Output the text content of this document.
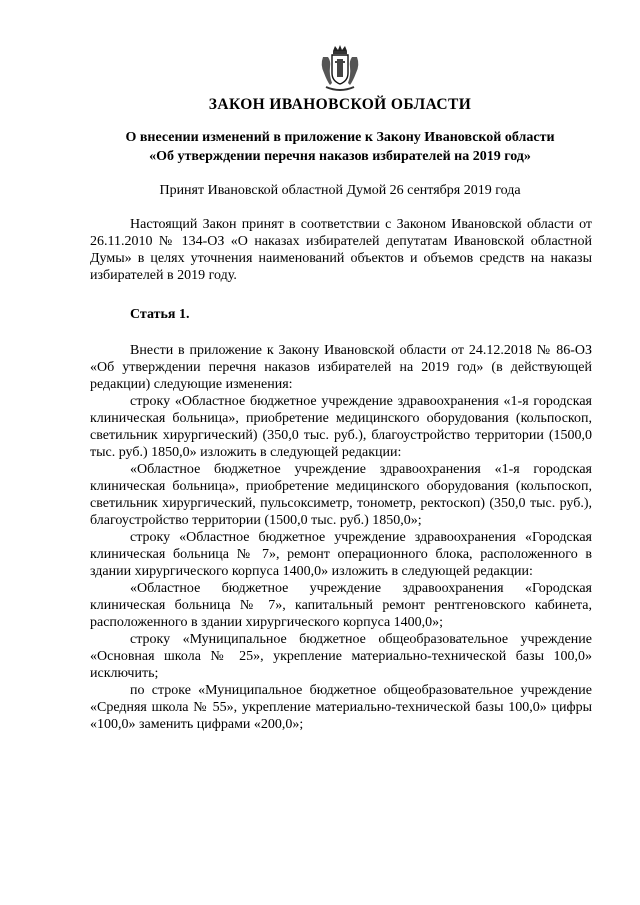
ЗАКОН ИВАНОВСКОЙ ОБЛАСТИ
О внесении изменений в приложение к Закону Ивановской области
«Об утверждении перечня наказов избирателей на 2019 год»
Принят Ивановской областной Думой 26 сентября 2019 года

Настоящий Закон принят в соответствии с Законом Ивановской области от 26.11.2010 № 134-ОЗ «О наказах избирателей депутатам Ивановской областной Думы» в целях уточнения наименований объектов и объемов средств на наказы избирателей в 2019 году.

Статья 1.

Внести в приложение к Закону Ивановской области от 24.12.2018 № 86-ОЗ «Об утверждении перечня наказов избирателей на 2019 год» (в действующей редакции) следующие изменения:

строку «Областное бюджетное учреждение здравоохранения «1-я городская клиническая больница», приобретение медицинского оборудования (кольпоскоп, светильник хирургический) (350,0 тыс. руб.), благоустройство территории (1500,0 тыс. руб.) 1850,0» изложить в следующей редакции:

«Областное бюджетное учреждение здравоохранения «1-я городская клиническая больница», приобретение медицинского оборудования (кольпоскоп, светильник хирургический, пульсоксиметр, тонометр, ректоскоп) (350,0 тыс. руб.), благоустройство территории (1500,0 тыс. руб.) 1850,0»;

строку «Областное бюджетное учреждение здравоохранения «Городская клиническая больница № 7», ремонт операционного блока, расположенного в здании хирургического корпуса 1400,0» изложить в следующей редакции:

«Областное бюджетное учреждение здравоохранения «Городская клиническая больница № 7», капитальный ремонт рентгеновского кабинета, расположенного в здании хирургического корпуса 1400,0»;

строку «Муниципальное бюджетное общеобразовательное учреждение «Основная школа № 25», укрепление материально-технической базы 100,0» исключить;

по строке «Муниципальное бюджетное общеобразовательное учреждение «Средняя школа № 55», укрепление материально-технической базы 100,0» цифры «100,0» заменить цифрами «200,0»;
